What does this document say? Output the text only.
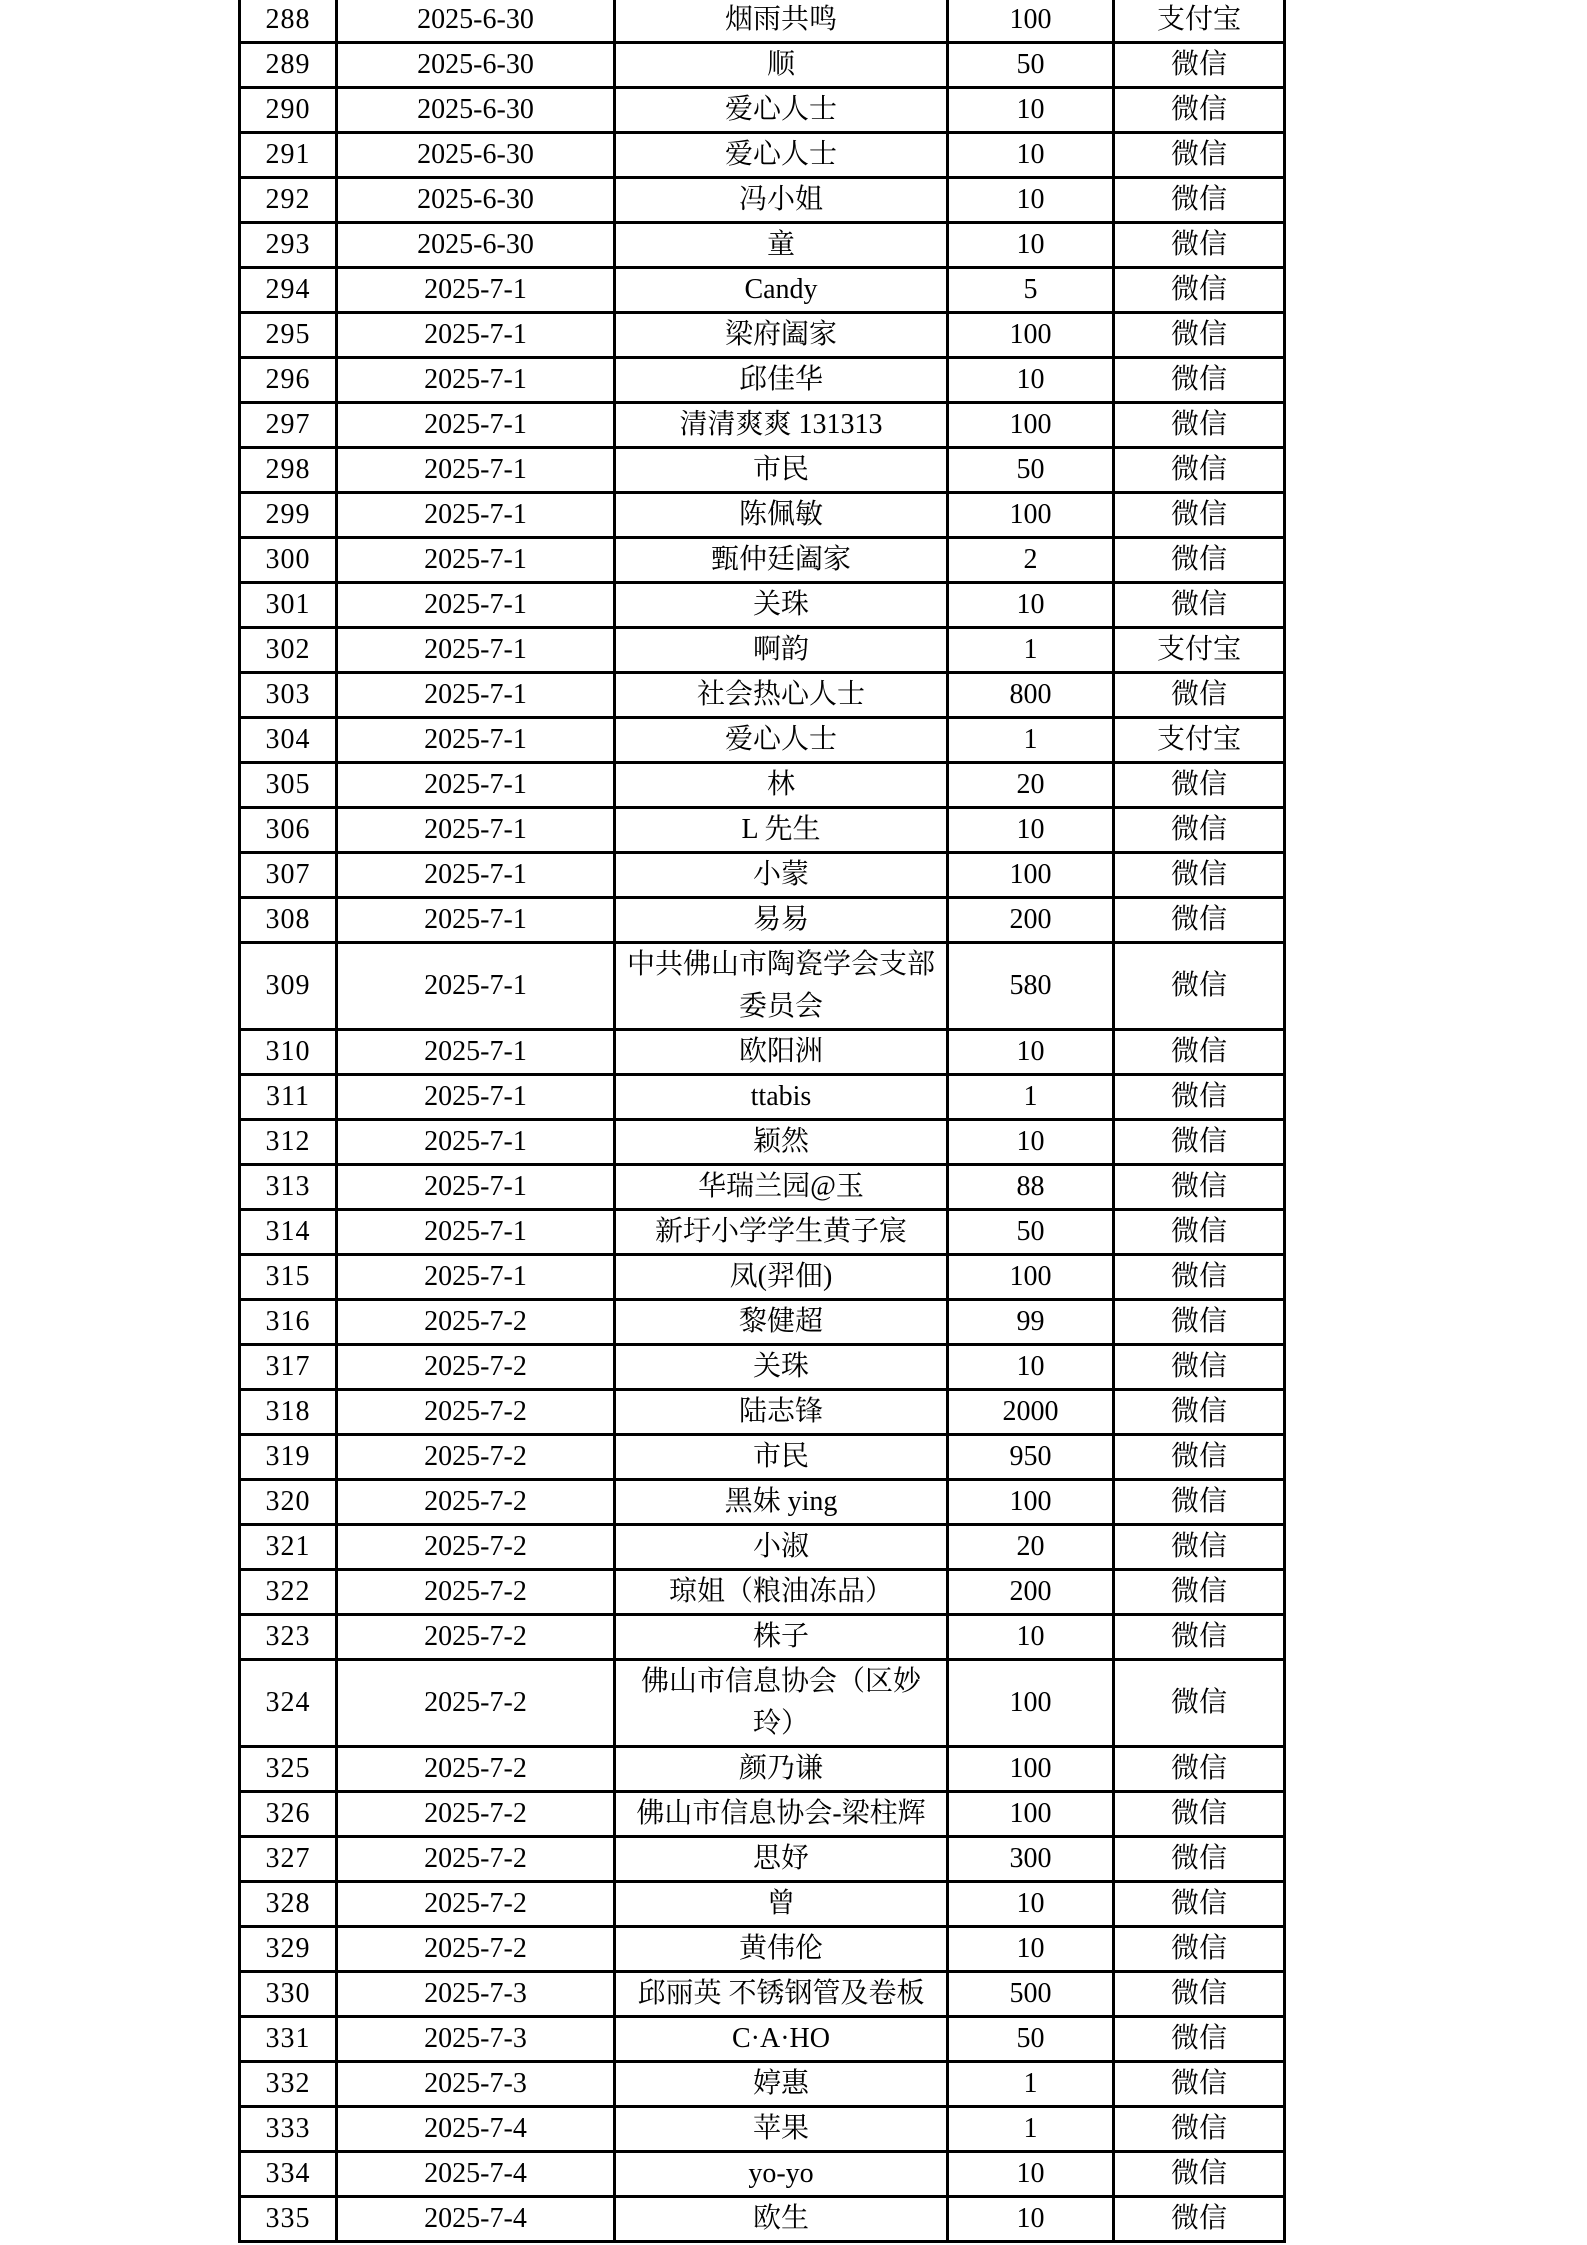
288	2025-6-30	烟雨共鸣	100	支付宝
289	2025-6-30	顺	50	微信
290	2025-6-30	爱心人士	10	微信
291	2025-6-30	爱心人士	10	微信
292	2025-6-30	冯小姐	10	微信
293	2025-6-30	童	10	微信
294	2025-7-1	Candy	5	微信
295	2025-7-1	梁府阖家	100	微信
296	2025-7-1	邱佳华	10	微信
297	2025-7-1	清清爽爽 131313	100	微信
298	2025-7-1	市民	50	微信
299	2025-7-1	陈佩敏	100	微信
300	2025-7-1	甄仲廷阖家	2	微信
301	2025-7-1	关珠	10	微信
302	2025-7-1	啊韵	1	支付宝
303	2025-7-1	社会热心人士	800	微信
304	2025-7-1	爱心人士	1	支付宝
305	2025-7-1	林	20	微信
306	2025-7-1	L 先生	10	微信
307	2025-7-1	小蒙	100	微信
308	2025-7-1	易易	200	微信
309	2025-7-1	中共佛山市陶瓷学会支部委员会	580	微信
310	2025-7-1	欧阳洲	10	微信
311	2025-7-1	ttabis	1	微信
312	2025-7-1	颖然	10	微信
313	2025-7-1	华瑞兰园@玉	88	微信
314	2025-7-1	新圩小学学生黄子宸	50	微信
315	2025-7-1	凤(羿佃)	100	微信
316	2025-7-2	黎健超	99	微信
317	2025-7-2	关珠	10	微信
318	2025-7-2	陆志锋	2000	微信
319	2025-7-2	市民	950	微信
320	2025-7-2	黑妹 ying	100	微信
321	2025-7-2	小淑	20	微信
322	2025-7-2	琼姐（粮油冻品）	200	微信
323	2025-7-2	株子	10	微信
324	2025-7-2	佛山市信息协会（区妙玲）	100	微信
325	2025-7-2	颜乃谦	100	微信
326	2025-7-2	佛山市信息协会-梁柱辉	100	微信
327	2025-7-2	思妤	300	微信
328	2025-7-2	曾	10	微信
329	2025-7-2	黄伟伦	10	微信
330	2025-7-3	邱丽英 不锈钢管及卷板	500	微信
331	2025-7-3	C·A·HO	50	微信
332	2025-7-3	婷惠	1	微信
333	2025-7-4	苹果	1	微信
334	2025-7-4	yo-yo	10	微信
335	2025-7-4	欧生	10	微信
